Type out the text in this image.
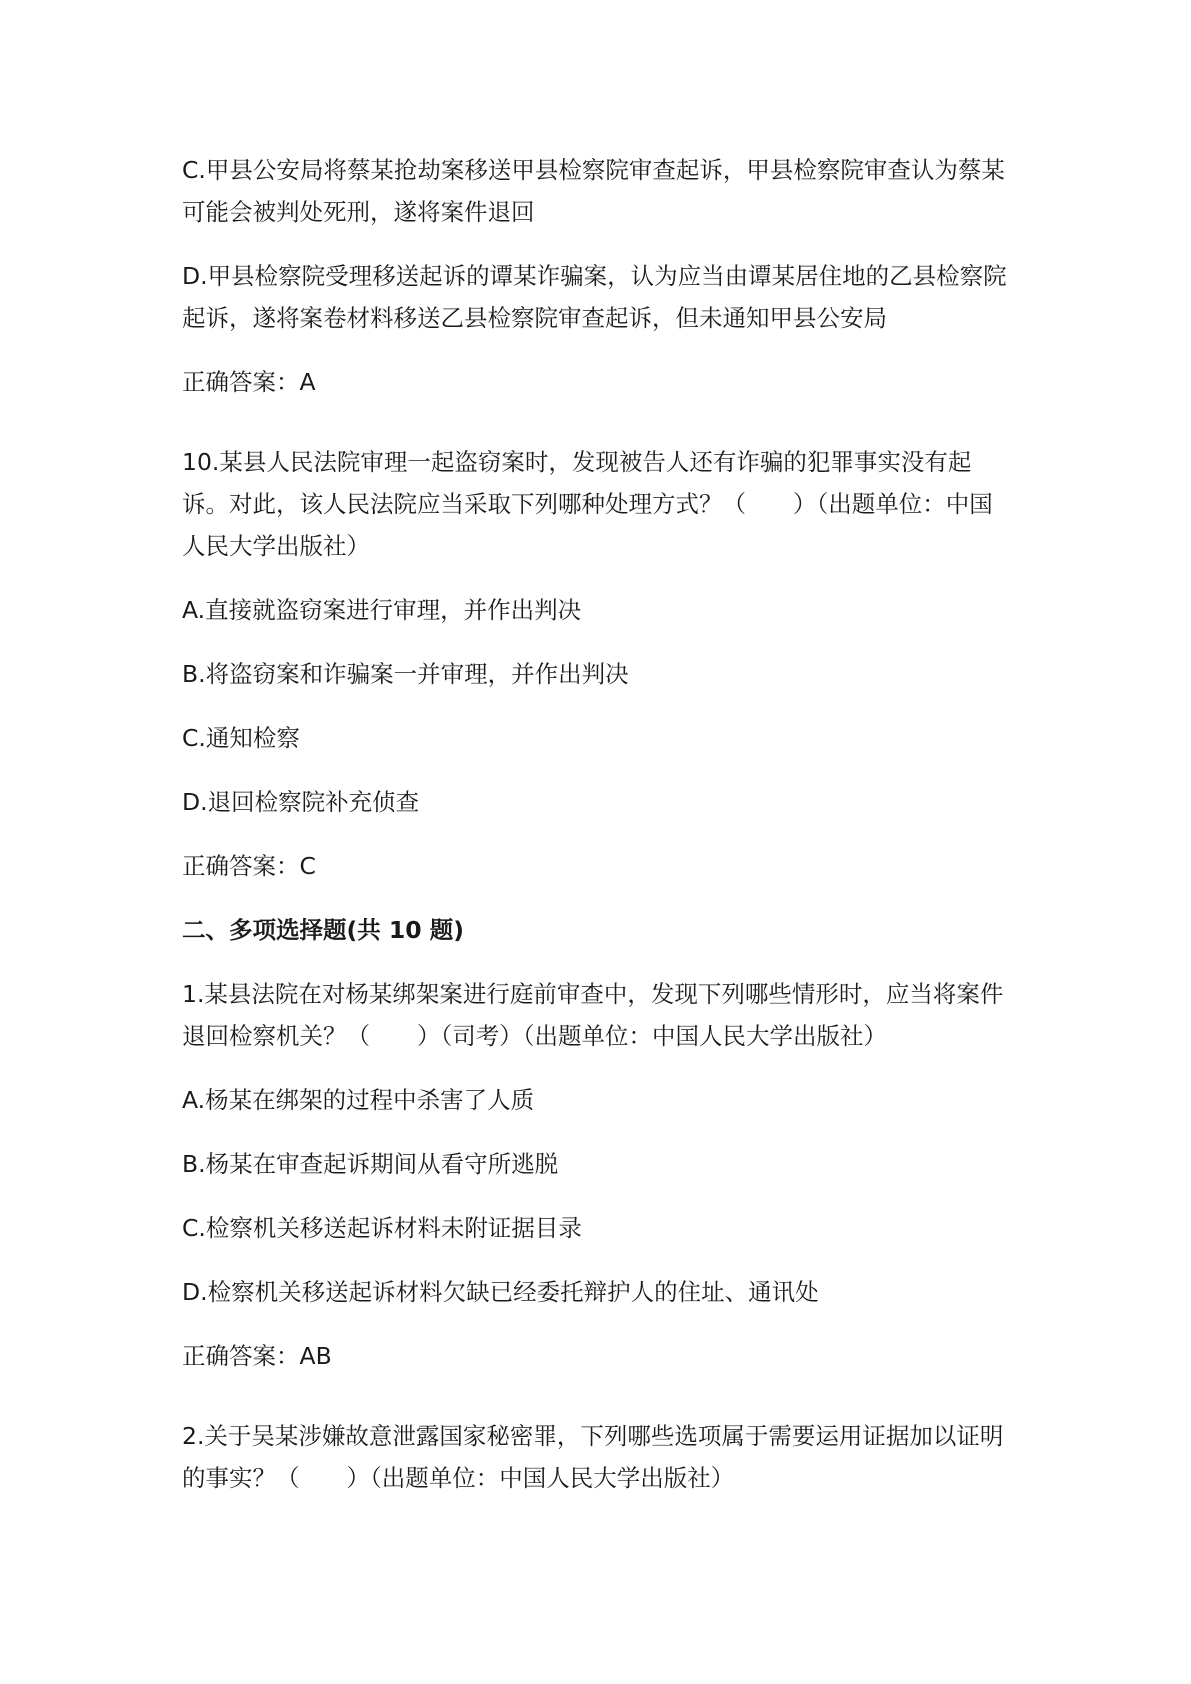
C.甲县公安局将蔡某抢劫案移送甲县检察院审查起诉，甲县检察院审查认为蔡某可能会被判处死刑，遂将案件退回

D.甲县检察院受理移送起诉的谭某诈骗案，认为应当由谭某居住地的乙县检察院起诉，遂将案卷材料移送乙县检察院审查起诉，但未通知甲县公安局

正确答案：A

10.某县人民法院审理一起盗窃案时，发现被告人还有诈骗的犯罪事实没有起诉。对此，该人民法院应当采取下列哪种处理方式？（　　）（出题单位：中国人民大学出版社）

A.直接就盗窃案进行审理，并作出判决

B.将盗窃案和诈骗案一并审理，并作出判决

C.通知检察

D.退回检察院补充侦查

正确答案：C

二、多项选择题(共 10 题)

1.某县法院在对杨某绑架案进行庭前审查中，发现下列哪些情形时，应当将案件退回检察机关？（　　）（司考）（出题单位：中国人民大学出版社）

A.杨某在绑架的过程中杀害了人质

B.杨某在审查起诉期间从看守所逃脱

C.检察机关移送起诉材料未附证据目录

D.检察机关移送起诉材料欠缺已经委托辩护人的住址、通讯处

正确答案：AB

2.关于吴某涉嫌故意泄露国家秘密罪，下列哪些选项属于需要运用证据加以证明的事实？（　　）（出题单位：中国人民大学出版社）
